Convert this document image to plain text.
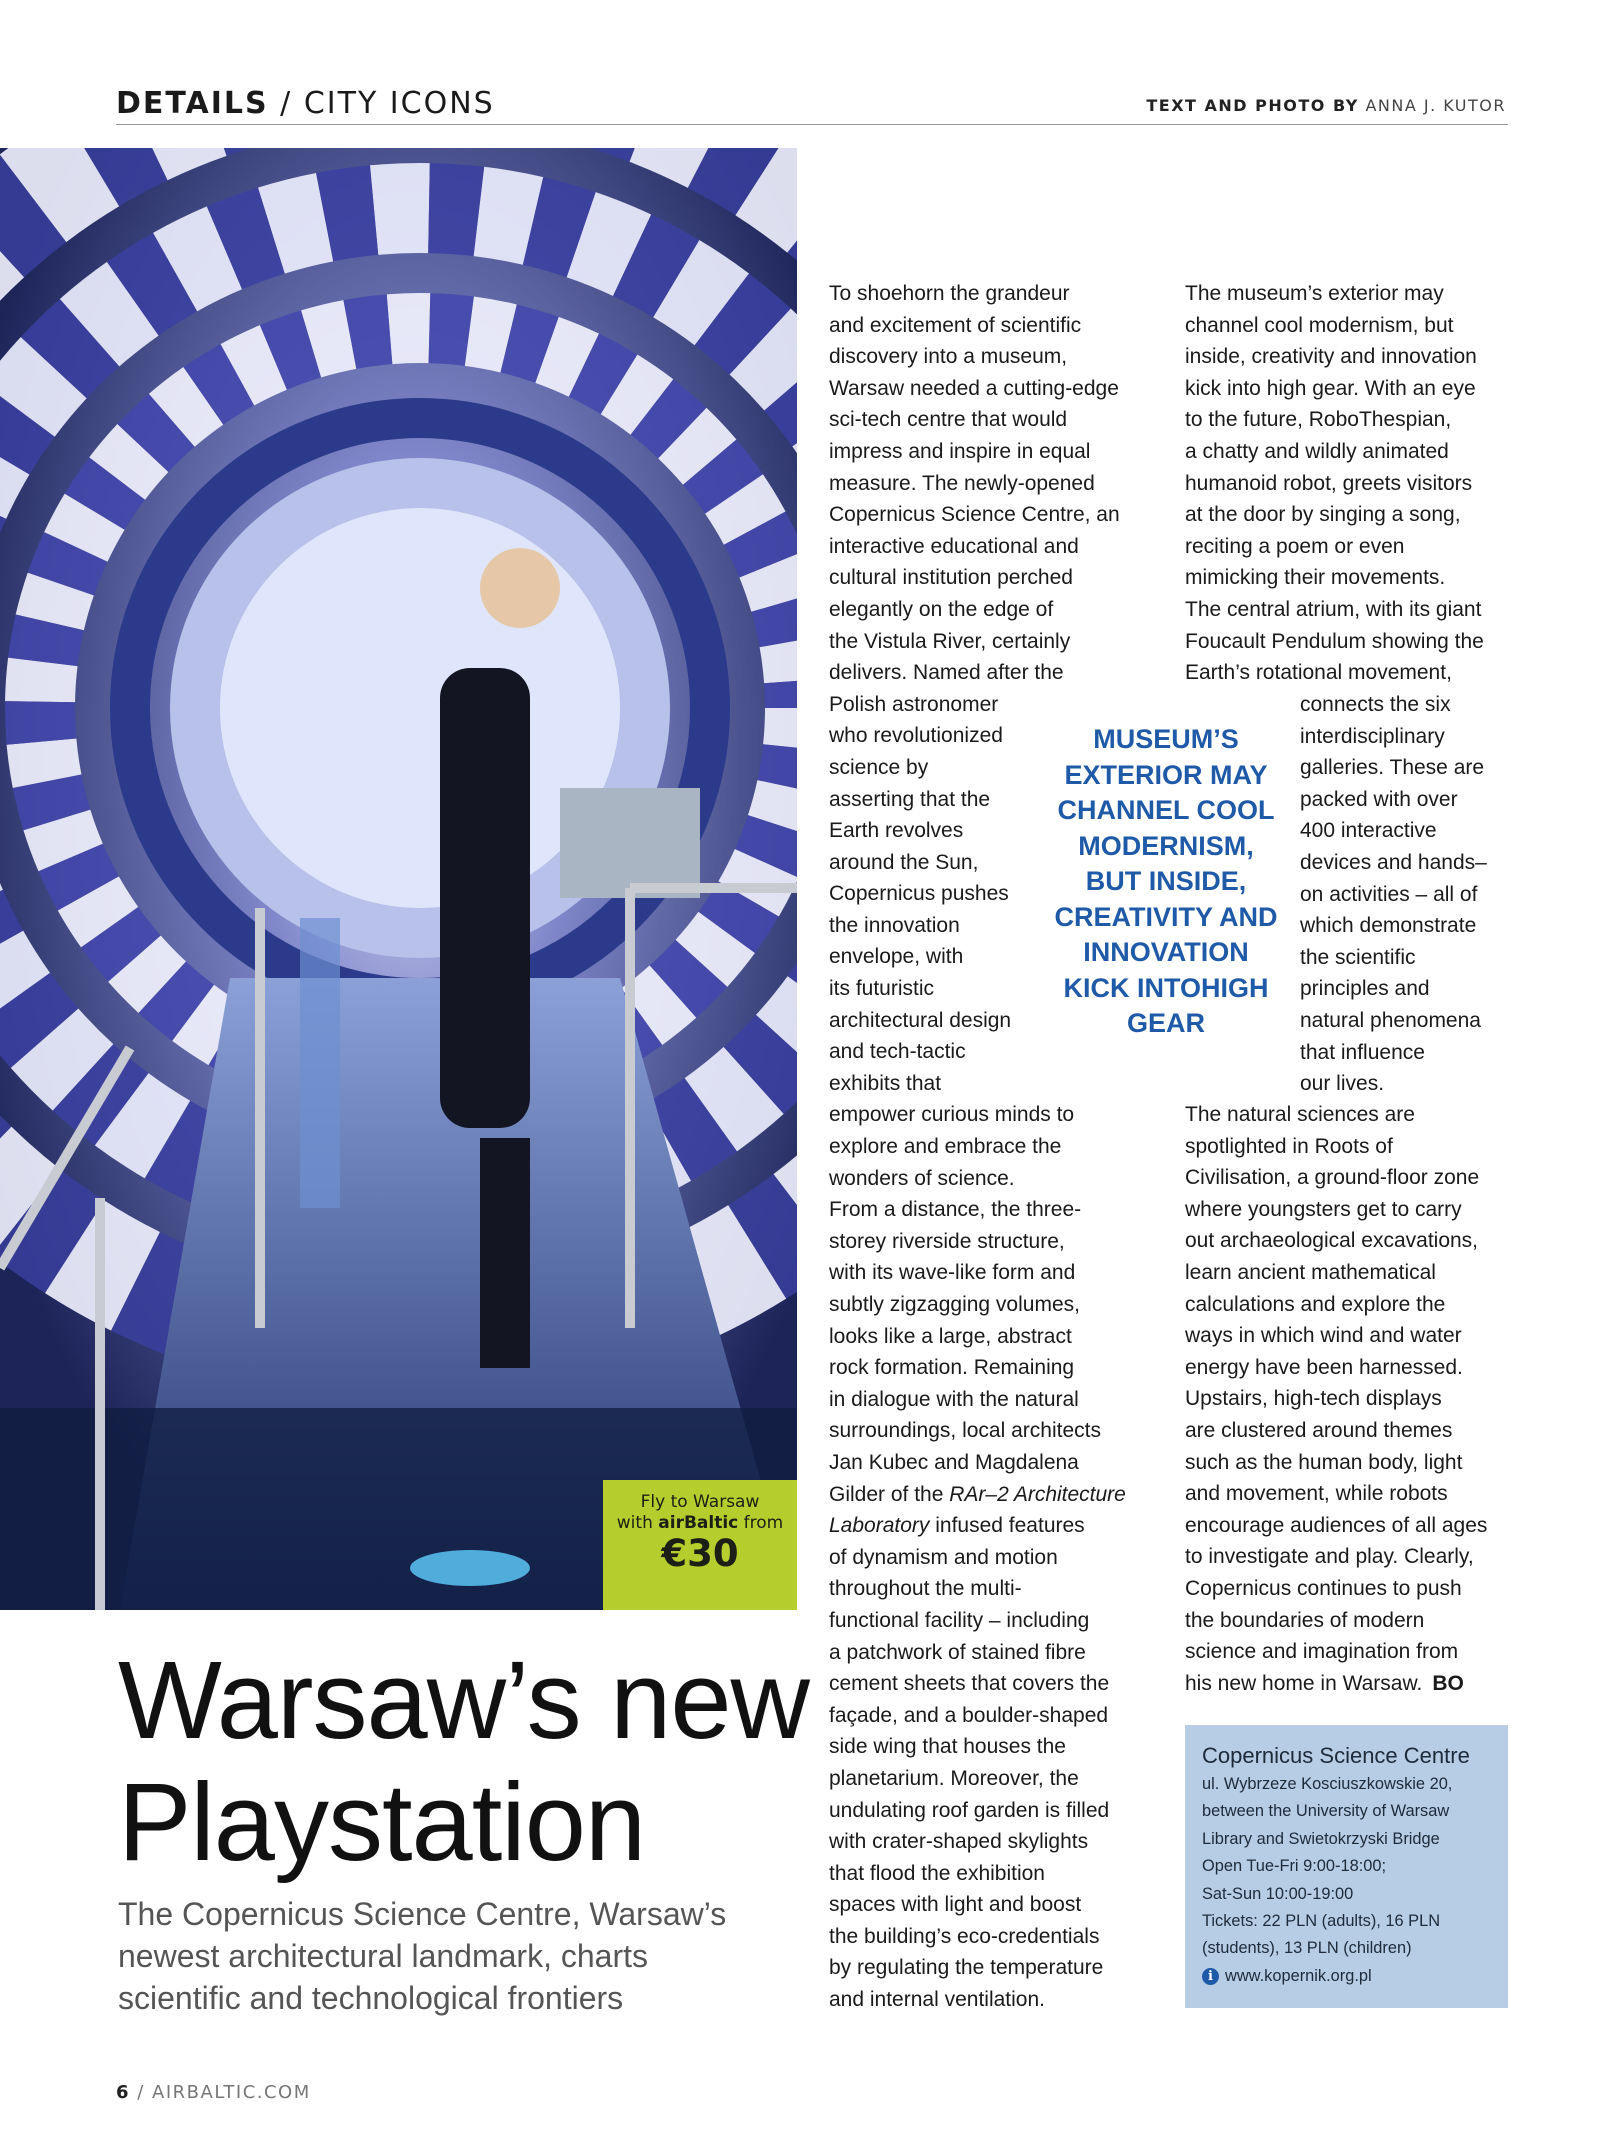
DETAILS / CITY ICONS	TEXT AND PHOTO BY ANNA J. KUTOR
Fly to Warsaw
with airBaltic from
€30
Warsaw’s new
Playstation
The Copernicus Science Centre, Warsaw’s
newest architectural landmark, charts
scientific and technological frontiers
To shoehorn the grandeur
and excitement of scientific
discovery into a museum,
Warsaw needed a cutting-edge
sci-tech centre that would
impress and inspire in equal
measure. The newly-opened
Copernicus Science Centre, an
interactive educational and
cultural institution perched
elegantly on the edge of
the Vistula River, certainly
delivers. Named after the
Polish astronomer
who revolutionized
science by
asserting that the
Earth revolves
around the Sun,
Copernicus pushes
the innovation
envelope, with
its futuristic
architectural design
and tech-tactic
exhibits that
empower curious minds to
explore and embrace the
wonders of science.
From a distance, the three-
storey riverside structure,
with its wave-like form and
subtly zigzagging volumes,
looks like a large, abstract
rock formation. Remaining
in dialogue with the natural
surroundings, local architects
Jan Kubec and Magdalena
Gilder of the RAr–2 Architecture
Laboratory infused features
of dynamism and motion
throughout the multi-
functional facility – including
a patchwork of stained fibre
cement sheets that covers the
façade, and a boulder-shaped
side wing that houses the
planetarium. Moreover, the
undulating roof garden is filled
with crater-shaped skylights
that flood the exhibition
spaces with light and boost
the building’s eco-credentials
by regulating the temperature
and internal ventilation.
The museum’s exterior may
channel cool modernism, but
inside, creativity and innovation
kick into high gear. With an eye
to the future, RoboThespian,
a chatty and wildly animated
humanoid robot, greets visitors
at the door by singing a song,
reciting a poem or even
mimicking their movements.
The central atrium, with its giant
Foucault Pendulum showing the
Earth’s rotational movement,
connects the six
interdisciplinary
galleries. These are
packed with over
400 interactive
devices and hands–
on activities – all of
which demonstrate
the scientific
principles and
natural phenomena
that influence
our lives.
The natural sciences are
spotlighted in Roots of
Civilisation, a ground-floor zone
where youngsters get to carry
out archaeological excavations,
learn ancient mathematical
calculations and explore the
ways in which wind and water
energy have been harnessed.
Upstairs, high-tech displays
are clustered around themes
such as the human body, light
and movement, while robots
encourage audiences of all ages
to investigate and play. Clearly,
Copernicus continues to push
the boundaries of modern
science and imagination from
his new home in Warsaw. BO
MUSEUM’S
EXTERIOR MAY
CHANNEL COOL
MODERNISM,
BUT INSIDE,
CREATIVITY AND
INNOVATION
KICK INTOHIGH
GEAR
Copernicus Science Centre
ul. Wybrzeze Kosciuszkowskie 20,
between the University of Warsaw
Library and Swietokrzyski Bridge
Open Tue-Fri 9:00-18:00;
Sat-Sun 10:00-19:00
Tickets: 22 PLN (adults), 16 PLN
(students), 13 PLN (children)
i www.kopernik.org.pl
6 / AIRBALTIC.COM
